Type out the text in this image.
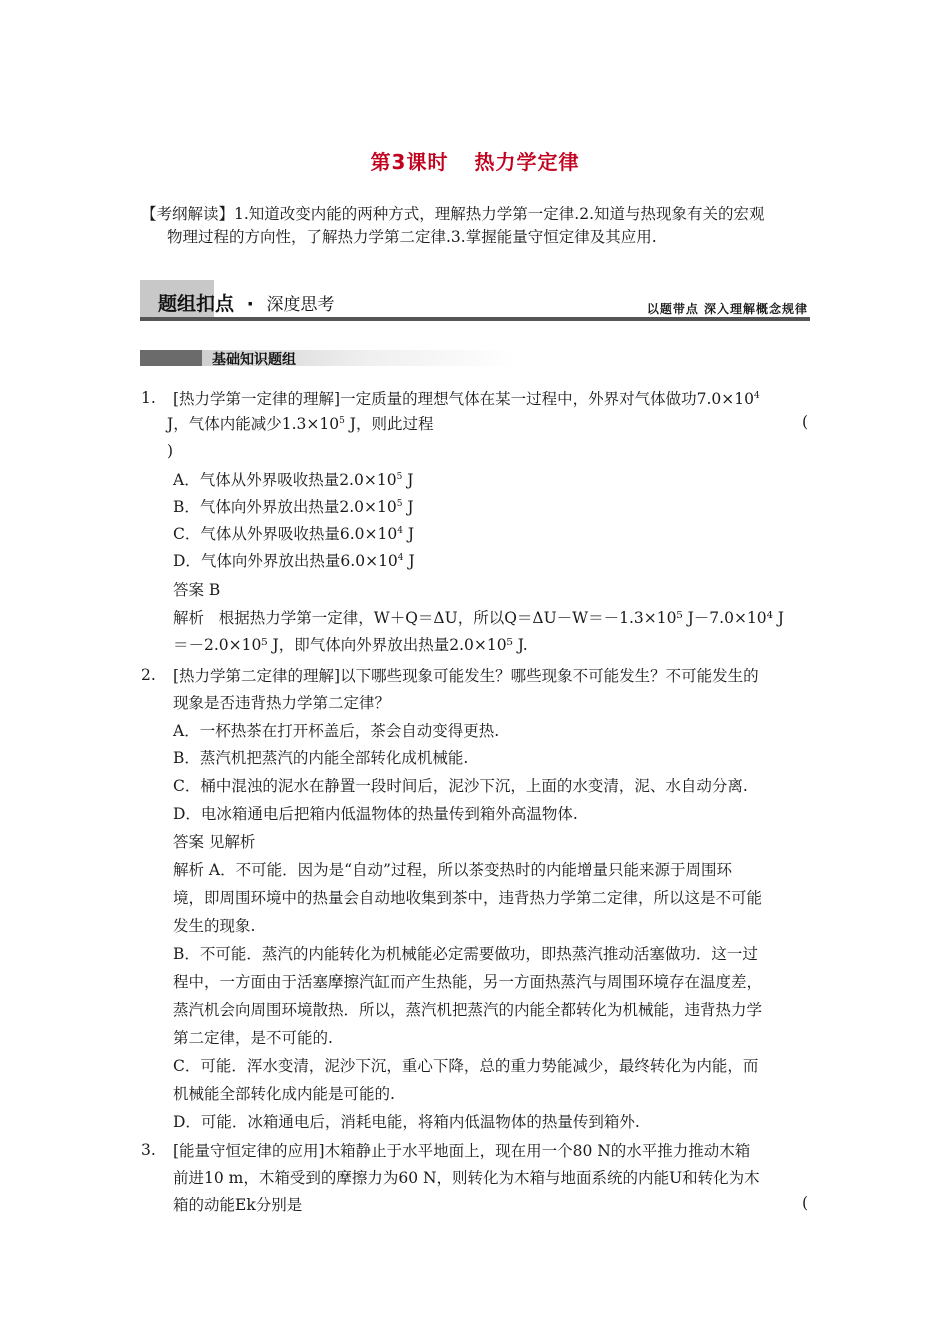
第3课时 热力学定律
【考纲解读】1.知道改变内能的两种方式，理解热力学第一定律.2.知道与热现象有关的宏观
物理过程的方向性，了解热力学第二定律.3.掌握能量守恒定律及其应用.
题组扣点 · 深度思考	以题带点 深入理解概念规律
基础知识题组
1. [热力学第一定律的理解]一定质量的理想气体在某一过程中，外界对气体做功$7.0\times 10^4$
J，气体内能减少$1.3\times 10^5$ J，则此过程	(
)
A．气体从外界吸收热量$2.0\times 10^5$ J
B．气体向外界放出热量$2.0\times 10^5$ J
C．气体从外界吸收热量$6.0\times 10^4$ J
D．气体向外界放出热量$6.0\times 10^4$ J
答案 B
解析 根据热力学第一定律，W＋Q＝ΔU，所以Q＝ΔU－W＝－1.3×10⁵ J－7.0×10⁴ J
＝－2.0×10⁵ J，即气体向外界放出热量2.0×10⁵ J.
2. [热力学第二定律的理解]以下哪些现象可能发生？哪些现象不可能发生？不可能发生的
现象是否违背热力学第二定律？
A．一杯热茶在打开杯盖后，茶会自动变得更热.
B．蒸汽机把蒸汽的内能全部转化成机械能.
C．桶中混浊的泥水在静置一段时间后，泥沙下沉，上面的水变清，泥、水自动分离.
D．电冰箱通电后把箱内低温物体的热量传到箱外高温物体.
答案 见解析
解析 A．不可能．因为是“自动”过程，所以茶变热时的内能增量只能来源于周围环
境，即周围环境中的热量会自动地收集到茶中，违背热力学第二定律，所以这是不可能
发生的现象.
B．不可能．蒸汽的内能转化为机械能必定需要做功，即热蒸汽推动活塞做功．这一过
程中，一方面由于活塞摩擦汽缸而产生热能，另一方面热蒸汽与周围环境存在温度差，
蒸汽机会向周围环境散热．所以，蒸汽机把蒸汽的内能全都转化为机械能，违背热力学
第二定律，是不可能的.
C．可能．浑水变清，泥沙下沉，重心下降，总的重力势能减少，最终转化为内能，而
机械能全部转化成内能是可能的.
D．可能．冰箱通电后，消耗电能，将箱内低温物体的热量传到箱外.
3. [能量守恒定律的应用]木箱静止于水平地面上，现在用一个80 N的水平推力推动木箱
前进10 m，木箱受到的摩擦力为60 N，则转化为木箱与地面系统的内能U和转化为木
箱的动能Ek分别是	(
